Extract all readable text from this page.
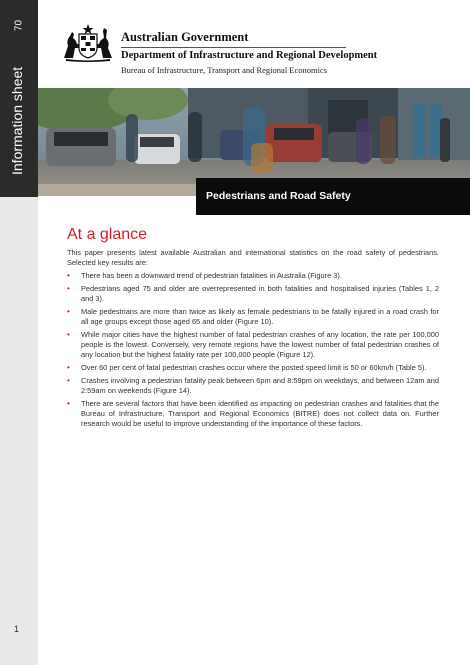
70
Information sheet
1
Australian Government
Department of Infrastructure and Regional Development
Bureau of Infrastructure, Transport and Regional Economics
Pedestrians and Road Safety
At a glance

This paper presents latest available Australian and international statistics on the road safety of pedestrians. Selected key results are:

• There has been a downward trend of pedestrian fatalities in Australia (Figure 3).
• Pedestrians aged 75 and older are overrepresented in both fatalities and hospitalised injuries (Tables 1, 2 and 3).
• Male pedestrians are more than twice as likely as female pedestrians to be fatally injured in a road crash for all age groups except those aged 65 and older (Figure 10).
• While major cities have the highest number of fatal pedestrian crashes of any location, the rate per 100,000 people is the lowest. Conversely, very remote regions have the lowest number of fatal pedestrian crashes of any location but the highest fatality rate per 100,000 people (Figure 12).
• Over 60 per cent of fatal pedestrian crashes occur where the posted speed limit is 50 or 60km/h (Table 5).
• Crashes involving a pedestrian fatality peak between 6pm and 8:59pm on weekdays, and between 12am and 2:59am on weekends (Figure 14).
• There are several factors that have been identified as impacting on pedestrian crashes and fatalities that the Bureau of Infrastructure, Transport and Regional Economics (BITRE) does not collect data on. Further research would be useful to improve understanding of the importance of these factors.
